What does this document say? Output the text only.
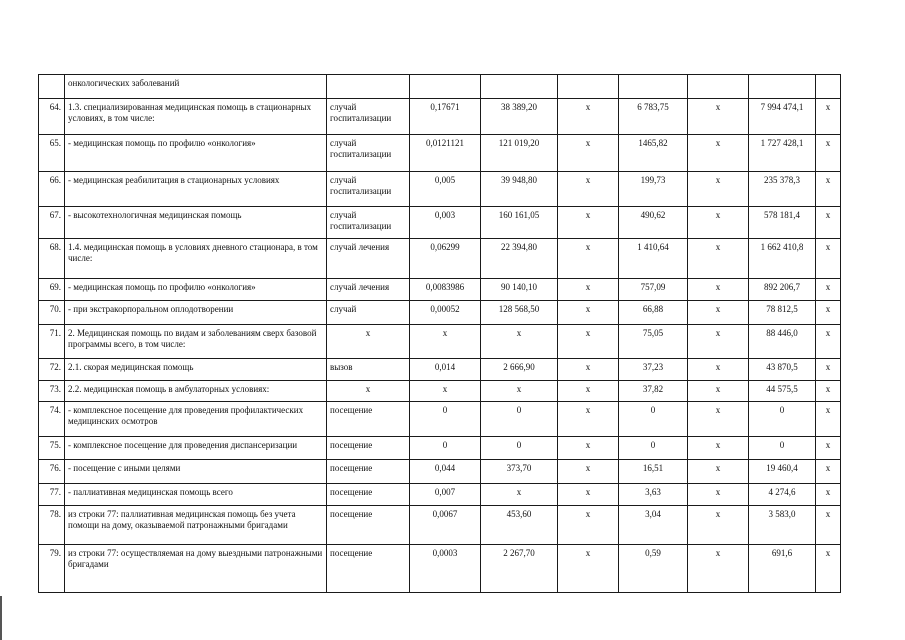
	онкологических заболеваний								
64.	1.3. специализированная медицинская помощь в стационарных условиях, в том числе:	случай госпитализации	0,17671	38 389,20	х	6 783,75	х	7 994 474,1	х
65.	- медицинская помощь по профилю «онкология»	случай госпитализации	0,0121121	121 019,20	х	1465,82	х	1 727 428,1	х
66.	- медицинская реабилитация в стационарных условиях	случай госпитализации	0,005	39 948,80	х	199,73	х	235 378,3	х
67.	- высокотехнологичная медицинская помощь	случай госпитализации	0,003	160 161,05	х	490,62	х	578 181,4	х
68.	1.4. медицинская помощь в условиях дневного стационара, в том числе:	случай лечения	0,06299	22 394,80	х	1 410,64	х	1 662 410,8	х
69.	- медицинская помощь по профилю «онкология»	случай лечения	0,0083986	90 140,10	х	757,09	х	892 206,7	х
70.	- при экстракорпоральном оплодотворении	случай	0,00052	128 568,50	х	66,88	х	78 812,5	х
71.	2. Медицинская помощь по видам и заболеваниям сверх базовой программы всего, в том числе:	х	х	х	х	75,05	х	88 446,0	х
72.	2.1. скорая медицинская помощь	вызов	0,014	2 666,90	х	37,23	х	43 870,5	х
73.	2.2. медицинская помощь в амбулаторных условиях:	х	х	х	х	37,82	х	44 575,5	х
74.	- комплексное посещение для проведения профилактических медицинских осмотров	посещение	0	0	х	0	х	0	х
75.	- комплексное посещение для проведения диспансеризации	посещение	0	0	х	0	х	0	х
76.	- посещение с иными целями	посещение	0,044	373,70	х	16,51	х	19 460,4	х
77.	- паллиативная медицинская помощь всего	посещение	0,007	х	х	3,63	х	4 274,6	х
78.	из строки 77: паллиативная медицинская помощь без учета помощи на дому, оказываемой патронажными бригадами	посещение	0,0067	453,60	х	3,04	х	3 583,0	х
79.	из строки 77: осуществляемая на дому выездными патронажными бригадами	посещение	0,0003	2 267,70	х	0,59	х	691,6	х
